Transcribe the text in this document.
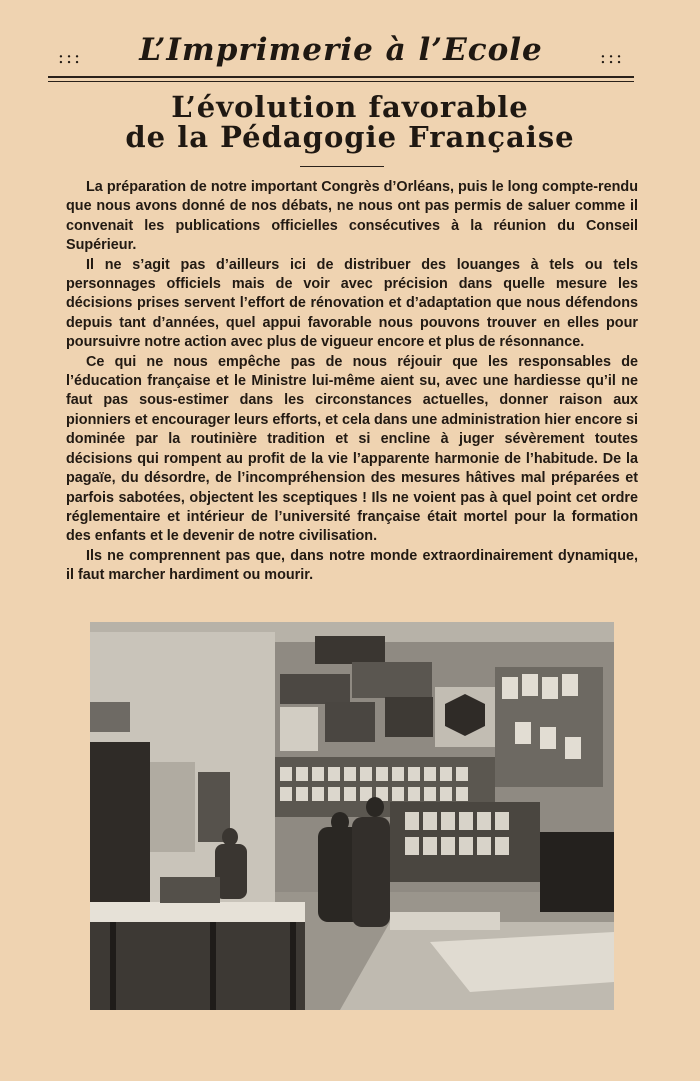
:::	L’Imprimerie à l’Ecole	:::
L’évolution favorable
de la Pédagogie Française

La préparation de notre important Congrès d’Orléans, puis le long compte-rendu que nous avons donné de nos débats, ne nous ont pas permis de saluer comme il convenait les publications officielles consécutives à la réunion du Conseil Supérieur.

Il ne s’agit pas d’ailleurs ici de distribuer des louanges à tels ou tels personnages officiels mais de voir avec précision dans quelle mesure les décisions prises servent l’effort de rénovation et d’adaptation que nous défendons depuis tant d’années, quel appui favorable nous pouvons trouver en elles pour poursuivre notre action avec plus de vigueur encore et plus de résonnance.

Ce qui ne nous empêche pas de nous réjouir que les responsables de l’éducation française et le Ministre lui-même aient su, avec une hardiesse qu’il ne faut pas sous-estimer dans les circonstances actuelles, donner raison aux pionniers et encourager leurs efforts, et cela dans une administration hier encore si dominée par la routinière tradition et si encline à juger sévèrement toutes décisions qui rompent au profit de la vie l’apparente harmonie de l’habitude. De la pagaïe, du désordre, de l’incompréhension des mesures hâtives mal préparées et parfois sabotées, objectent les sceptiques ! Ils ne voient pas à quel point cet ordre réglementaire et intérieur de l’université française était mortel pour la formation des enfants et le devenir de notre civilisation.

Ils ne comprennent pas que, dans notre monde extraordinairement dynamique, il faut marcher hardiment ou mourir.
